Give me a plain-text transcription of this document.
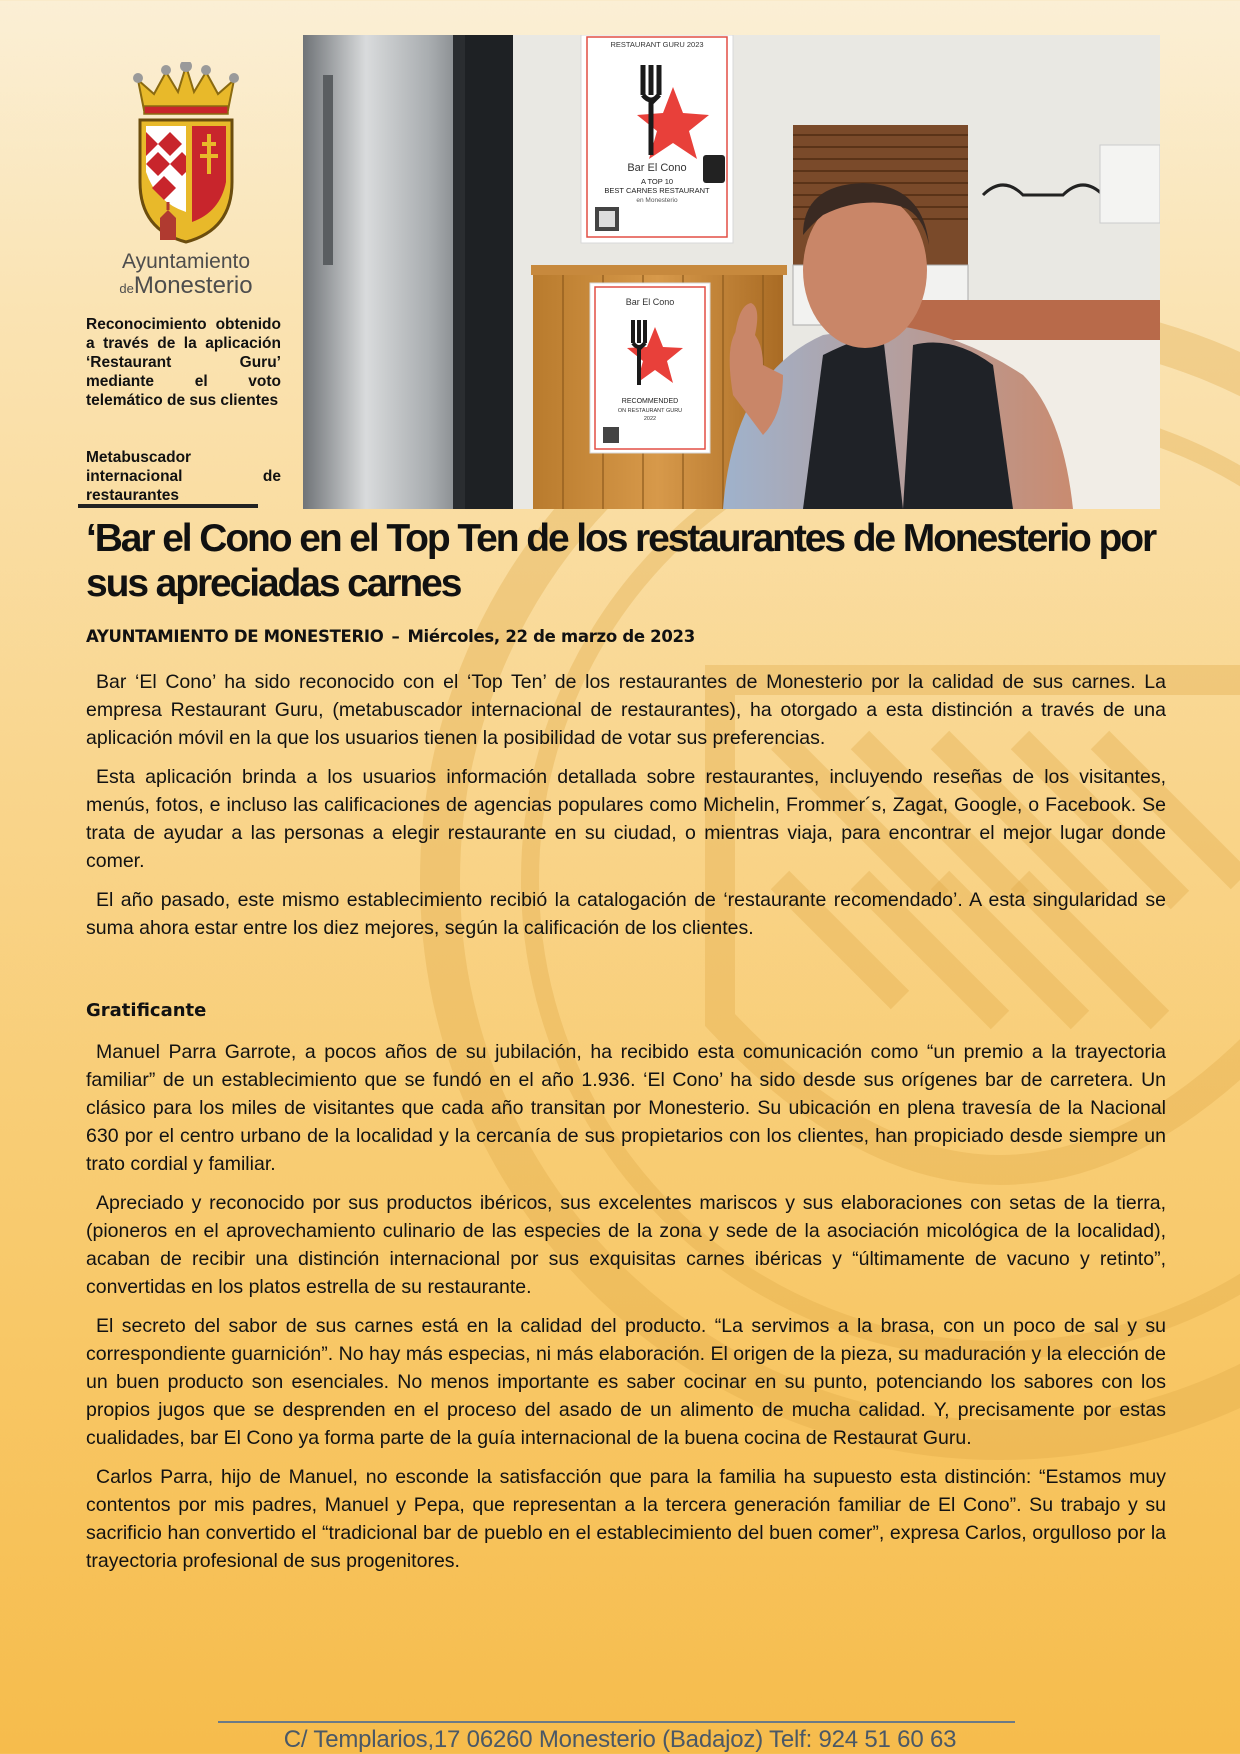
Ayuntamiento
deMonesterio
Reconocimiento obtenido a través de la aplicación ‘Restaurant Guru’ mediante el voto telemático de sus clientes
Metabuscador internacional de restaurantes
RESTAURANT GURU 2023
Bar El Cono
A TOP 10
BEST CARNES RESTAURANT
en Monesterio
Bar El Cono
RECOMMENDED
ON RESTAURANT GURU
2022
‘Bar el Cono en el Top Ten de los restaurantes de Monesterio por sus apreciadas carnes
AYUNTAMIENTO DE MONESTERIO – Miércoles, 22 de marzo de 2023

Bar ‘El Cono’ ha sido reconocido con el ‘Top Ten’ de los restaurantes de Monesterio por la calidad de sus carnes. La empresa Restaurant Guru, (metabuscador internacional de restaurantes), ha otorgado a esta distinción a través de una aplicación móvil en la que los usuarios tienen la posibilidad de votar sus preferencias.

Esta aplicación brinda a los usuarios información detallada sobre restaurantes, incluyendo reseñas de los visitantes, menús, fotos, e incluso las calificaciones de agencias populares como Michelin, Frommer´s, Zagat, Google, o Facebook. Se trata de ayudar a las personas a elegir restaurante en su ciudad, o mientras viaja, para encontrar el mejor lugar donde comer.

El año pasado, este mismo establecimiento recibió la catalogación de ‘restaurante recomendado’. A esta singularidad se suma ahora estar entre los diez mejores, según la calificación de los clientes.

Gratificante

Manuel Parra Garrote, a pocos años de su jubilación, ha recibido esta comunicación como “un premio a la trayectoria familiar” de un establecimiento que se fundó en el año 1.936. ‘El Cono’ ha sido desde sus orígenes bar de carretera. Un clásico para los miles de visitantes que cada año transitan por Monesterio. Su ubicación en plena travesía de la Nacional 630 por el centro urbano de la localidad y la cercanía de sus propietarios con los clientes, han propiciado desde siempre un trato cordial y familiar.

Apreciado y reconocido por sus productos ibéricos, sus excelentes mariscos y sus elaboraciones con setas de la tierra, (pioneros en el aprovechamiento culinario de las especies de la zona y sede de la asociación micológica de la localidad), acaban de recibir una distinción internacional por sus exquisitas carnes ibéricas y “últimamente de vacuno y retinto”, convertidas en los platos estrella de su restaurante.

El secreto del sabor de sus carnes está en la calidad del producto. “La servimos a la brasa, con un poco de sal y su correspondiente guarnición”. No hay más especias, ni más elaboración. El origen de la pieza, su maduración y la elección de un buen producto son esenciales. No menos importante es saber cocinar en su punto, potenciando los sabores con los propios jugos que se desprenden en el proceso del asado de un alimento de mucha calidad. Y, precisamente por estas cualidades, bar El Cono ya forma parte de la guía internacional de la buena cocina de Restaurat Guru.

Carlos Parra, hijo de Manuel, no esconde la satisfacción que para la familia ha supuesto esta distinción: “Estamos muy contentos por mis padres, Manuel y Pepa, que representan a la tercera generación familiar de El Cono”. Su trabajo y su sacrificio han convertido el “tradicional bar de pueblo en el establecimiento del buen comer”, expresa Carlos, orgulloso por la trayectoria profesional de sus progenitores.

C/ Templarios,17 06260 Monesterio (Badajoz) Telf: 924 51 60 63
